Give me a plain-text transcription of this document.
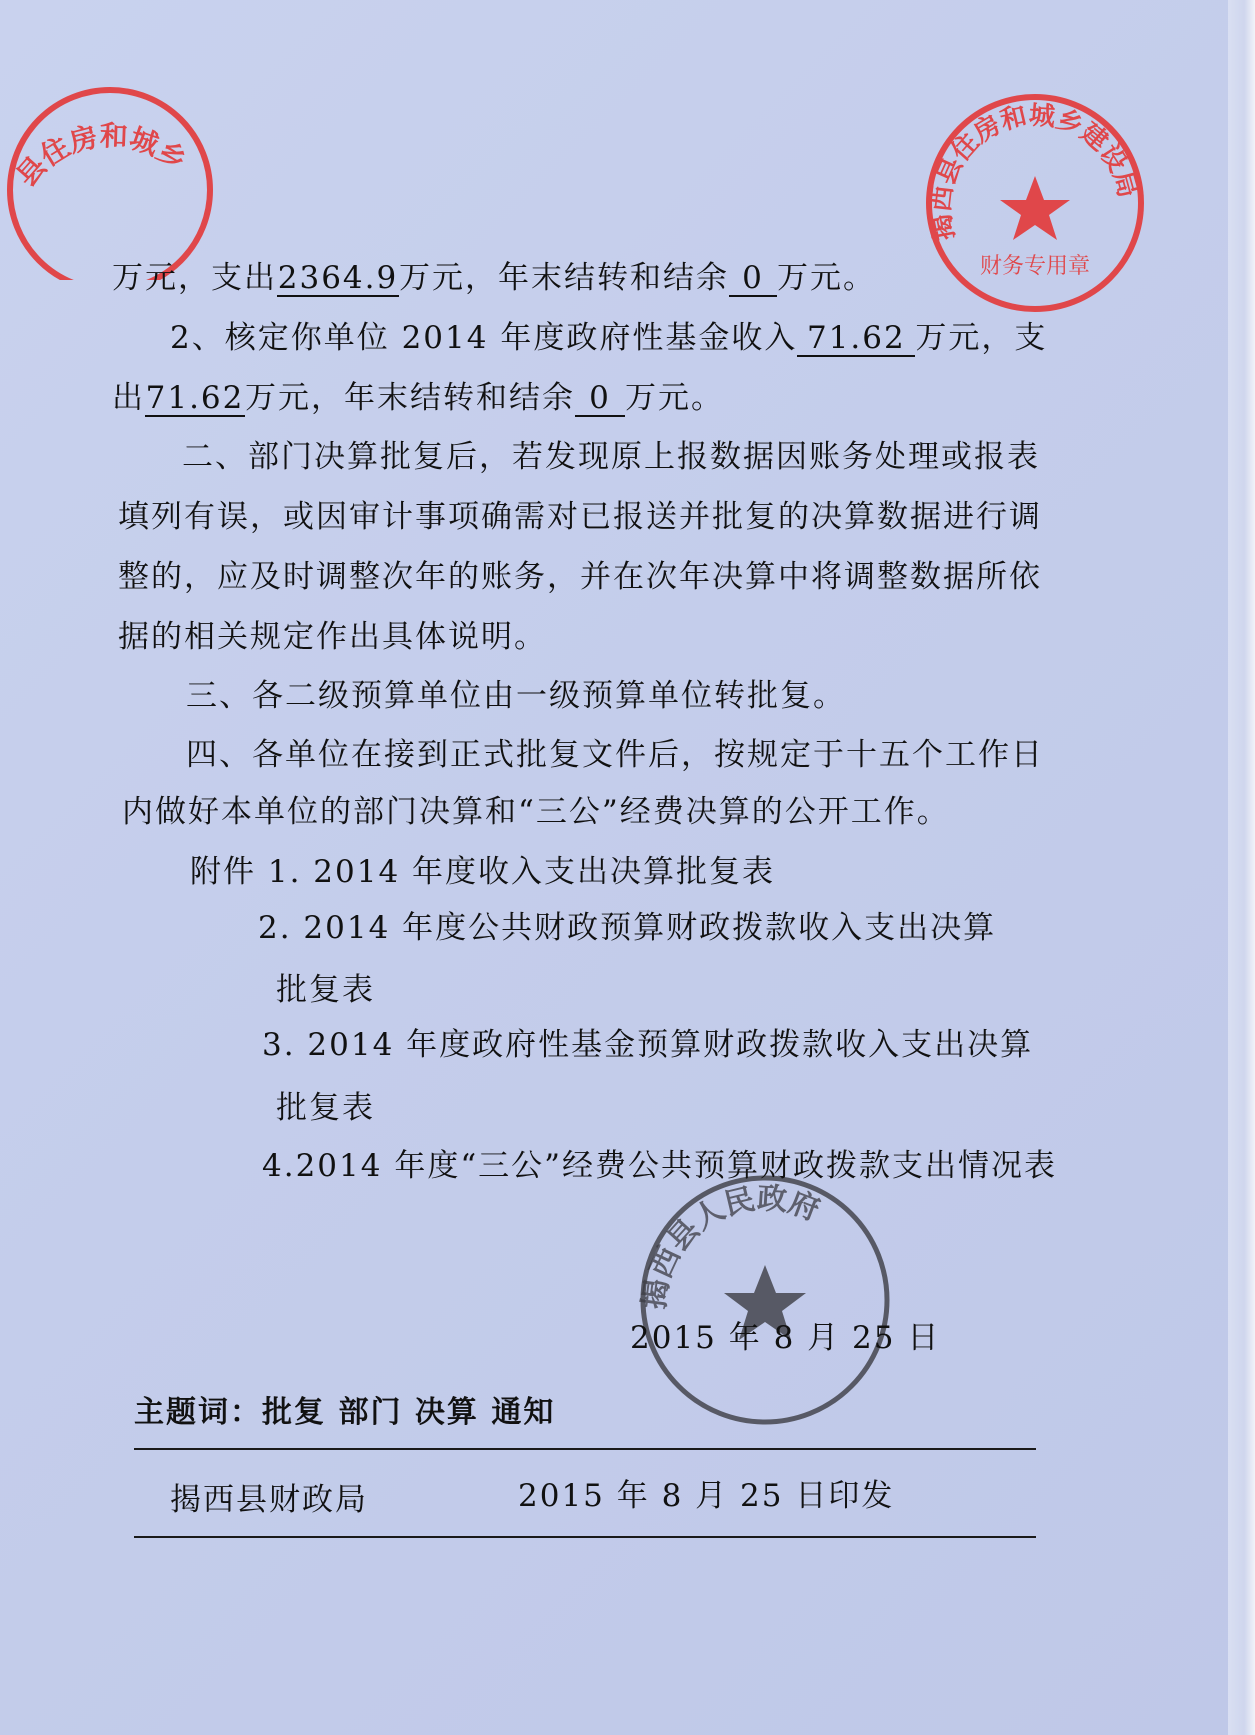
县住房和城乡
揭西县住房和城乡建设局
财务专用章
揭西县人民政府
万元，支出2364.9万元，年末结转和结余 0 万元。
2、核定你单位 2014 年度政府性基金收入 71.62 万元，支
出71.62万元，年末结转和结余 0 万元。
二、部门决算批复后，若发现原上报数据因账务处理或报表
填列有误，或因审计事项确需对已报送并批复的决算数据进行调
整的，应及时调整次年的账务，并在次年决算中将调整数据所依
据的相关规定作出具体说明。
三、各二级预算单位由一级预算单位转批复。
四、各单位在接到正式批复文件后，按规定于十五个工作日
内做好本单位的部门决算和“三公”经费决算的公开工作。
附件 1. 2014 年度收入支出决算批复表
2. 2014 年度公共财政预算财政拨款收入支出决算
批复表
3. 2014 年度政府性基金预算财政拨款收入支出决算
批复表
4.2014 年度“三公”经费公共预算财政拨款支出情况表
2015 年 8 月 25 日
主题词：批复 部门 决算 通知
揭西县财政局	2015 年 8 月 25 日印发
